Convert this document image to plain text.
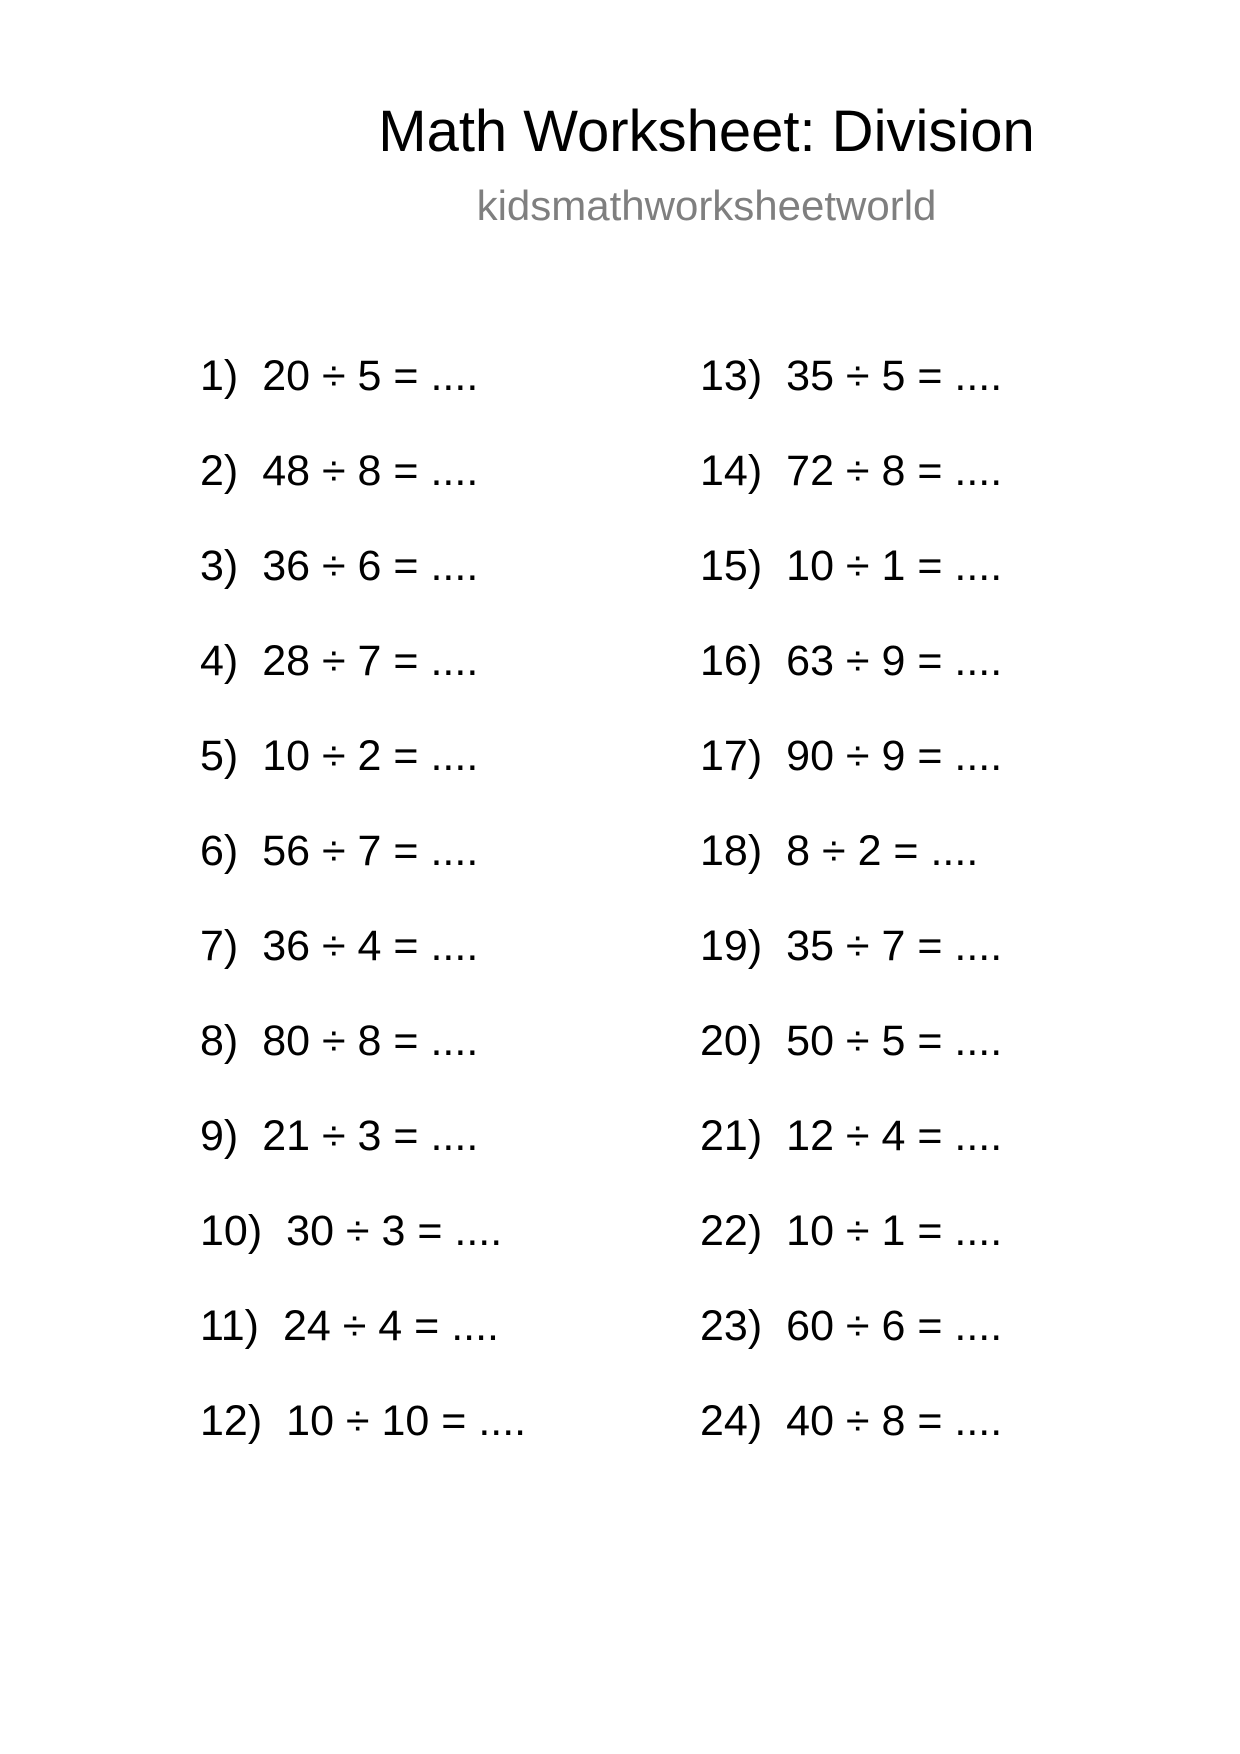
Math Worksheet: Division
kidsmathworksheetworld
1) 20 ÷ 5 = ....
2) 48 ÷ 8 = ....
3) 36 ÷ 6 = ....
4) 28 ÷ 7 = ....
5) 10 ÷ 2 = ....
6) 56 ÷ 7 = ....
7) 36 ÷ 4 = ....
8) 80 ÷ 8 = ....
9) 21 ÷ 3 = ....
10) 30 ÷ 3 = ....
11) 24 ÷ 4 = ....
12) 10 ÷ 10 = ....
13) 35 ÷ 5 = ....
14) 72 ÷ 8 = ....
15) 10 ÷ 1 = ....
16) 63 ÷ 9 = ....
17) 90 ÷ 9 = ....
18) 8 ÷ 2 = ....
19) 35 ÷ 7 = ....
20) 50 ÷ 5 = ....
21) 12 ÷ 4 = ....
22) 10 ÷ 1 = ....
23) 60 ÷ 6 = ....
24) 40 ÷ 8 = ....
